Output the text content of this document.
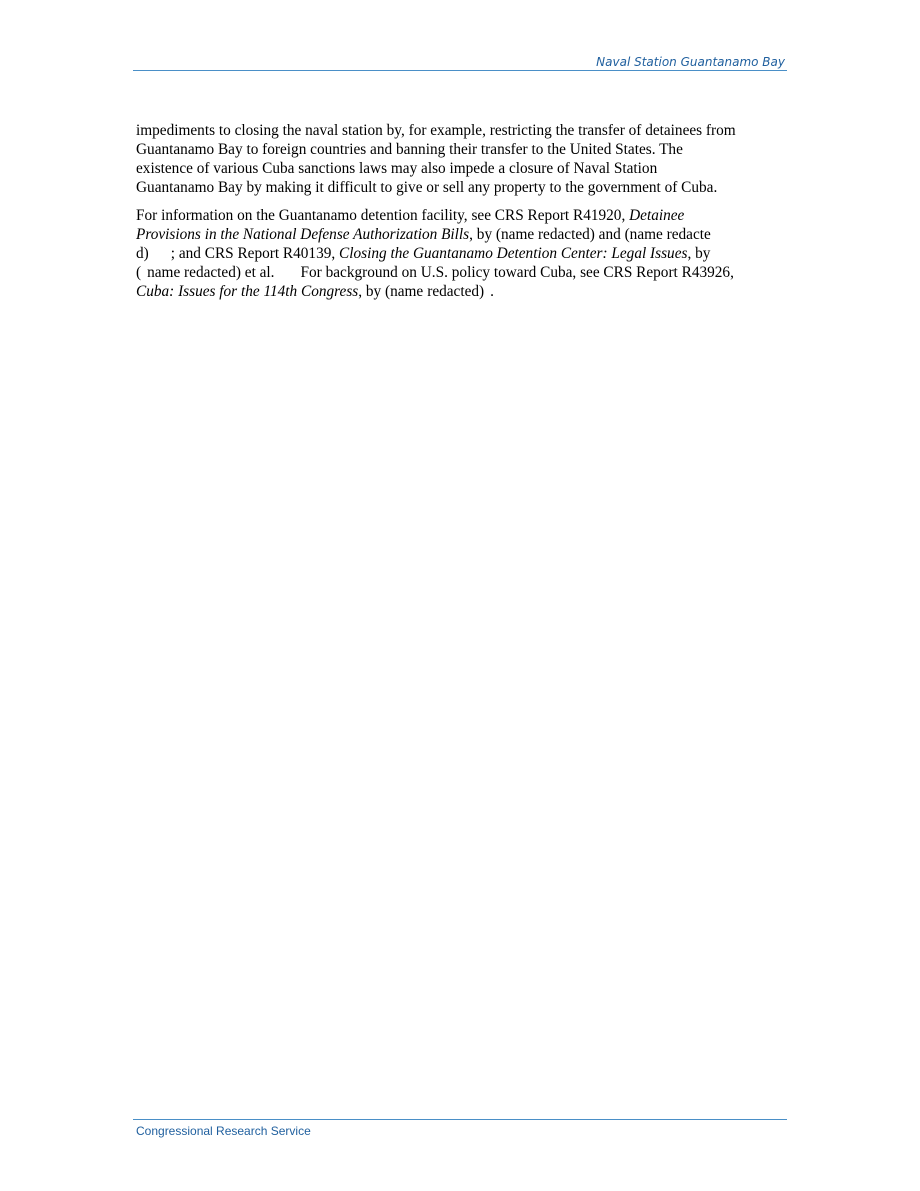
Naval Station Guantanamo Bay

impediments to closing the naval station by, for example, restricting the transfer of detainees from
Guantanamo Bay to foreign countries and banning their transfer to the United States. The
existence of various Cuba sanctions laws may also impede a closure of Naval Station
Guantanamo Bay by making it difficult to give or sell any property to the government of Cuba.

For information on the Guantanamo detention facility, see CRS Report R41920, Detainee
Provisions in the National Defense Authorization Bills, by (name redacted) and (name redacte
d) ; and CRS Report R40139, Closing the Guantanamo Detention Center: Legal Issues, by
( name redacted) et al. For background on U.S. policy toward Cuba, see CRS Report R43926,
Cuba: Issues for the 114th Congress, by (name redacted) .

Congressional Research Service
